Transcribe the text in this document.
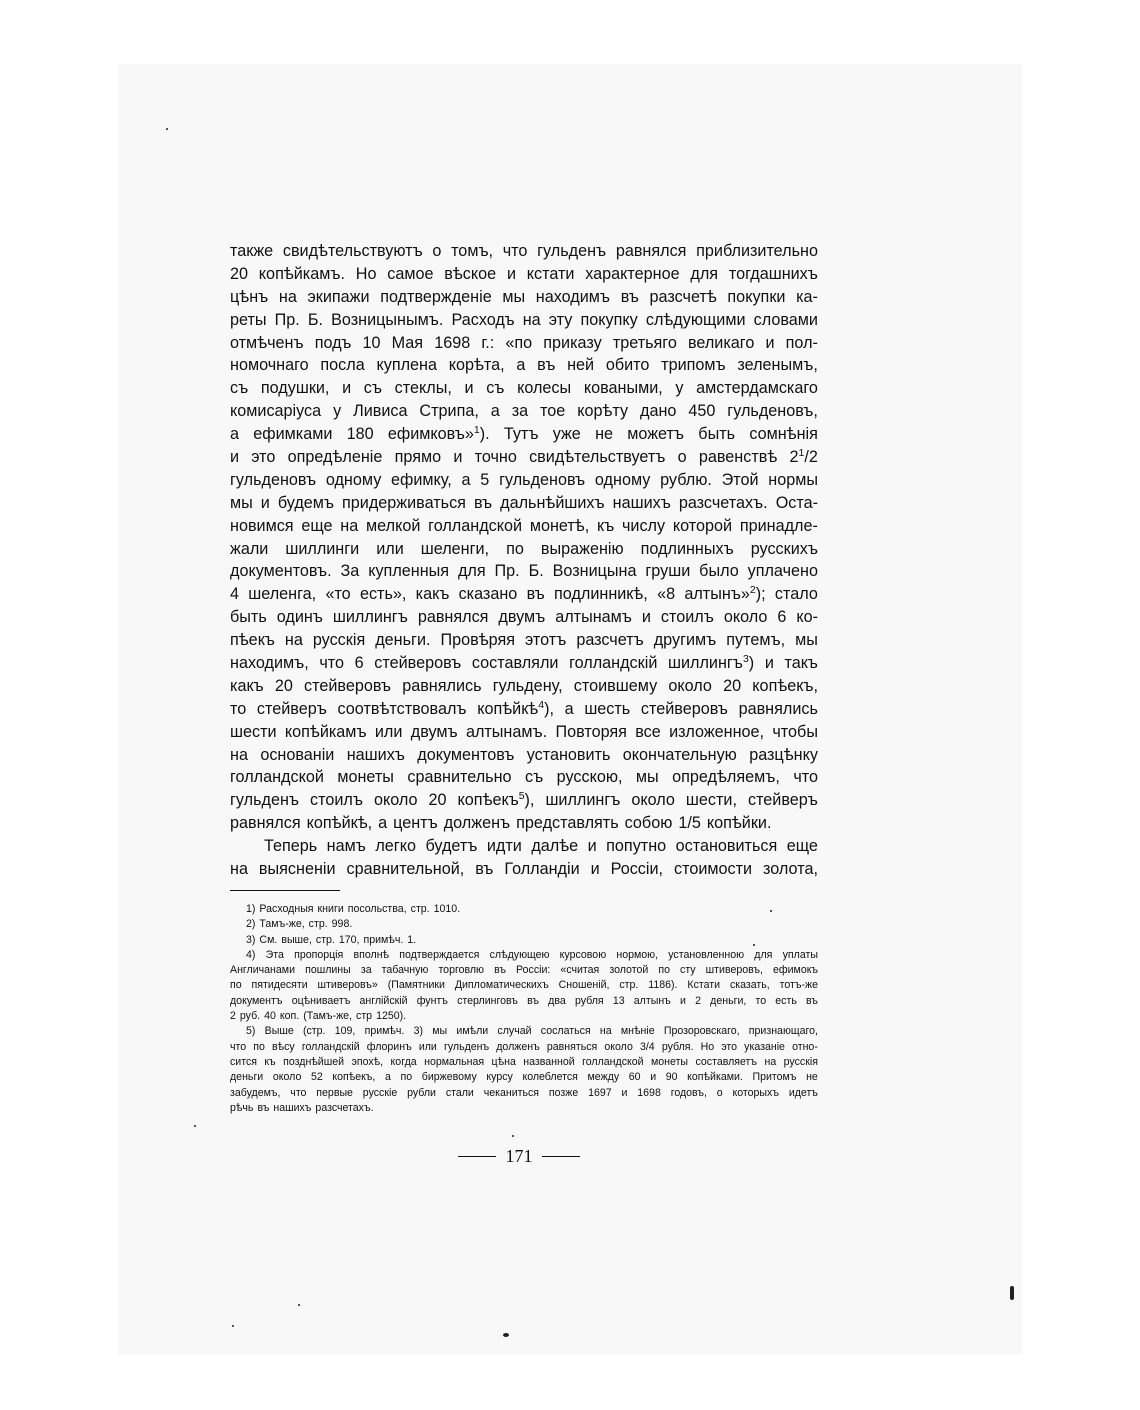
также свидѣтельствуютъ о томъ, что гульденъ равнялся приблизительно
20 копѣйкамъ. Но самое вѣское и кстати характерное для тогдашнихъ
цѣнъ на экипажи подтвержденіе мы находимъ въ разсчетѣ покупки ка-
реты Пр. Б. Возницынымъ. Расходъ на эту покупку слѣдующими словами
отмѣченъ подъ 10 Мая 1698 г.: «по приказу третьяго великаго и пол-
номочнаго посла куплена корѣта, а въ ней обито трипомъ зеленымъ,
съ подушки, и съ стеклы, и съ колесы коваными, у амстердамскаго
комисаріуса у Ливиса Стрипа, а за тое корѣту дано 450 гульденовъ,
а ефимками 180 ефимковъ»$^1$). Тутъ уже не можетъ быть сомнѣнія
и это опредѣленіе прямо и точно свидѣтельствуетъ о равенствѣ $2^1/2$
гульденовъ одному ефимку, а 5 гульденовъ одному рублю. Этой нормы
мы и будемъ придерживаться въ дальнѣйшихъ нашихъ разсчетахъ. Оста-
новимся еще на мелкой голландской монетѣ, къ числу которой принадле-
жали шиллинги или шеленги, по выраженію подлинныхъ русскихъ
документовъ. За купленныя для Пр. Б. Возницына груши было уплачено
4 шеленга, «то есть», какъ сказано въ подлинникѣ, «8 алтынъ»$^2$); стало
быть одинъ шиллингъ равнялся двумъ алтынамъ и стоилъ около 6 ко-
пѣекъ на русскія деньги. Провѣряя этотъ разсчетъ другимъ путемъ, мы
находимъ, что 6 стейверовъ составляли голландскій шиллингъ$^3$) и такъ
какъ 20 стейверовъ равнялись гульдену, стоившему около 20 копѣекъ,
то стейверъ соотвѣтствовалъ копѣйкѣ$^4$), а шесть стейверовъ равнялись
шести копѣйкамъ или двумъ алтынамъ. Повторяя все изложенное, чтобы
на основаніи нашихъ документовъ установить окончательную разцѣнку
голландской монеты сравнительно съ русскою, мы опредѣляемъ, что
гульденъ стоилъ около 20 копѣекъ$^5$), шиллингъ около шести, стейверъ
равнялся копѣйкѣ, а центъ долженъ представлять собою 1/5 копѣйки.
Теперь намъ легко будетъ идти далѣе и попутно остановиться еще
на выясненіи сравнительной, въ Голландіи и Россіи, стоимости золота,
1) Расходныя книги посольства, стр. 1010.
2) Тамъ-же, стр. 998.
3) См. выше, стр. 170, примѣч. 1.
4) Эта пропорція вполнѣ подтверждается слѣдующею курсовою нормою, установленною для уплаты
Англичанами пошлины за табачную торговлю въ Россіи: «считая золотой по сту штиверовъ, ефимокъ
по пятидесяти штиверовъ» (Памятники Дипломатическихъ Сношеній, стр. 1186). Кстати сказать, тотъ-же
документъ оцѣниваетъ англійскій фунтъ стерлинговъ въ два рубля 13 алтынъ и 2 деньги, то есть въ
2 руб. 40 коп. (Тамъ-же, стр 1250).
5) Выше (стр. 109, примѣч. 3) мы имѣли случай сослаться на мнѣніе Прозоровскаго, признающаго,
что по вѣсу голландскій флоринъ или гульденъ долженъ равняться около 3/4 рубля. Но это указаніе отно-
сится къ позднѣйшей эпохѣ, когда нормальная цѣна названной голландской монеты составляетъ на русскія
деньги около 52 копѣекъ, а по биржевому курсу колеблется между 60 и 90 копѣйками. Притомъ не
забудемъ, что первые русскіе рубли стали чеканиться позже 1697 и 1698 годовъ, о которыхъ идетъ
рѣчь въ нашихъ разсчетахъ.
171
